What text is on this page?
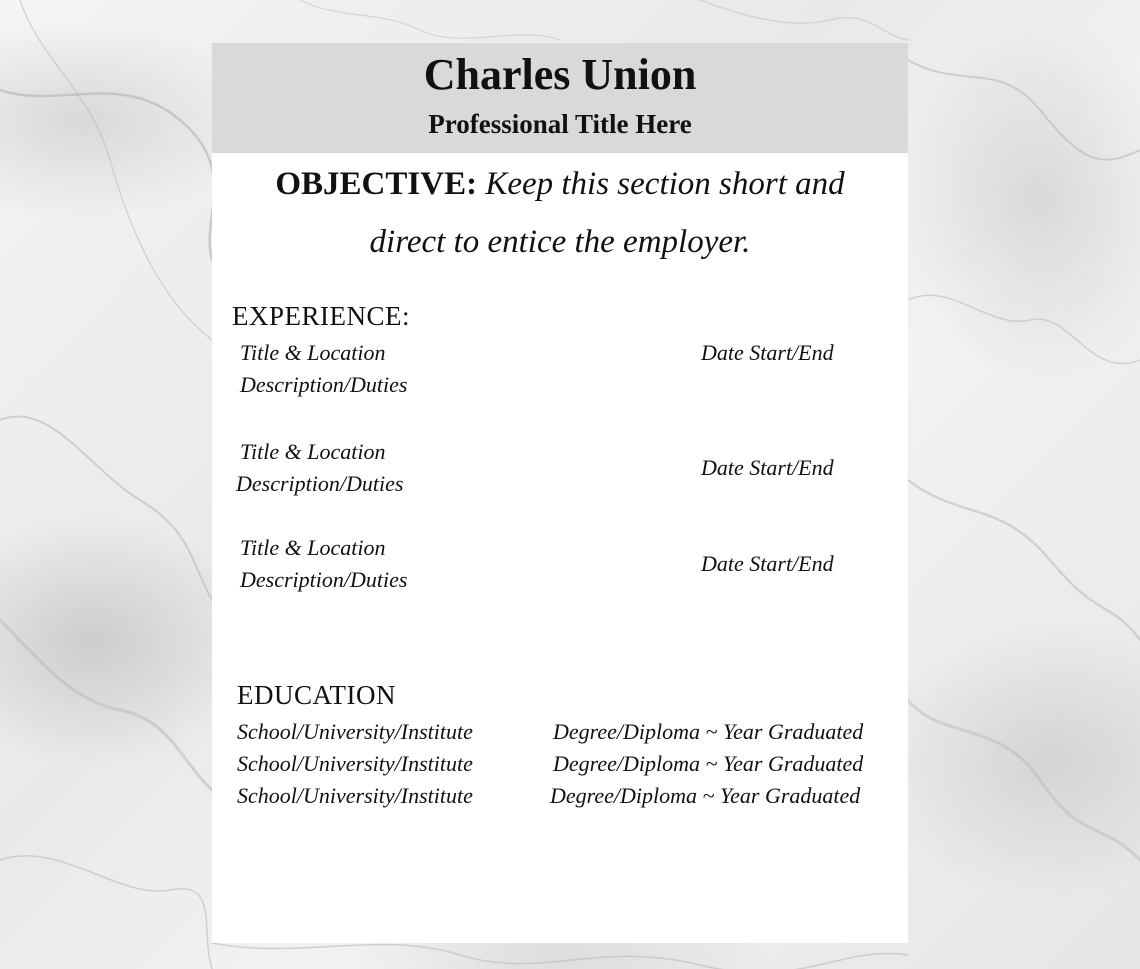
Charles Union
Professional Title Here
OBJECTIVE: Keep this section short and
direct to entice the employer.
EXPERIENCE:
Title & Location
Description/Duties
Date Start/End
Title & Location
Description/Duties
Date Start/End
Title & Location
Description/Duties
Date Start/End
EDUCATION
School/University/Institute	Degree/Diploma ~ Year Graduated
School/University/Institute	Degree/Diploma ~ Year Graduated
School/University/Institute	Degree/Diploma ~ Year Graduated
